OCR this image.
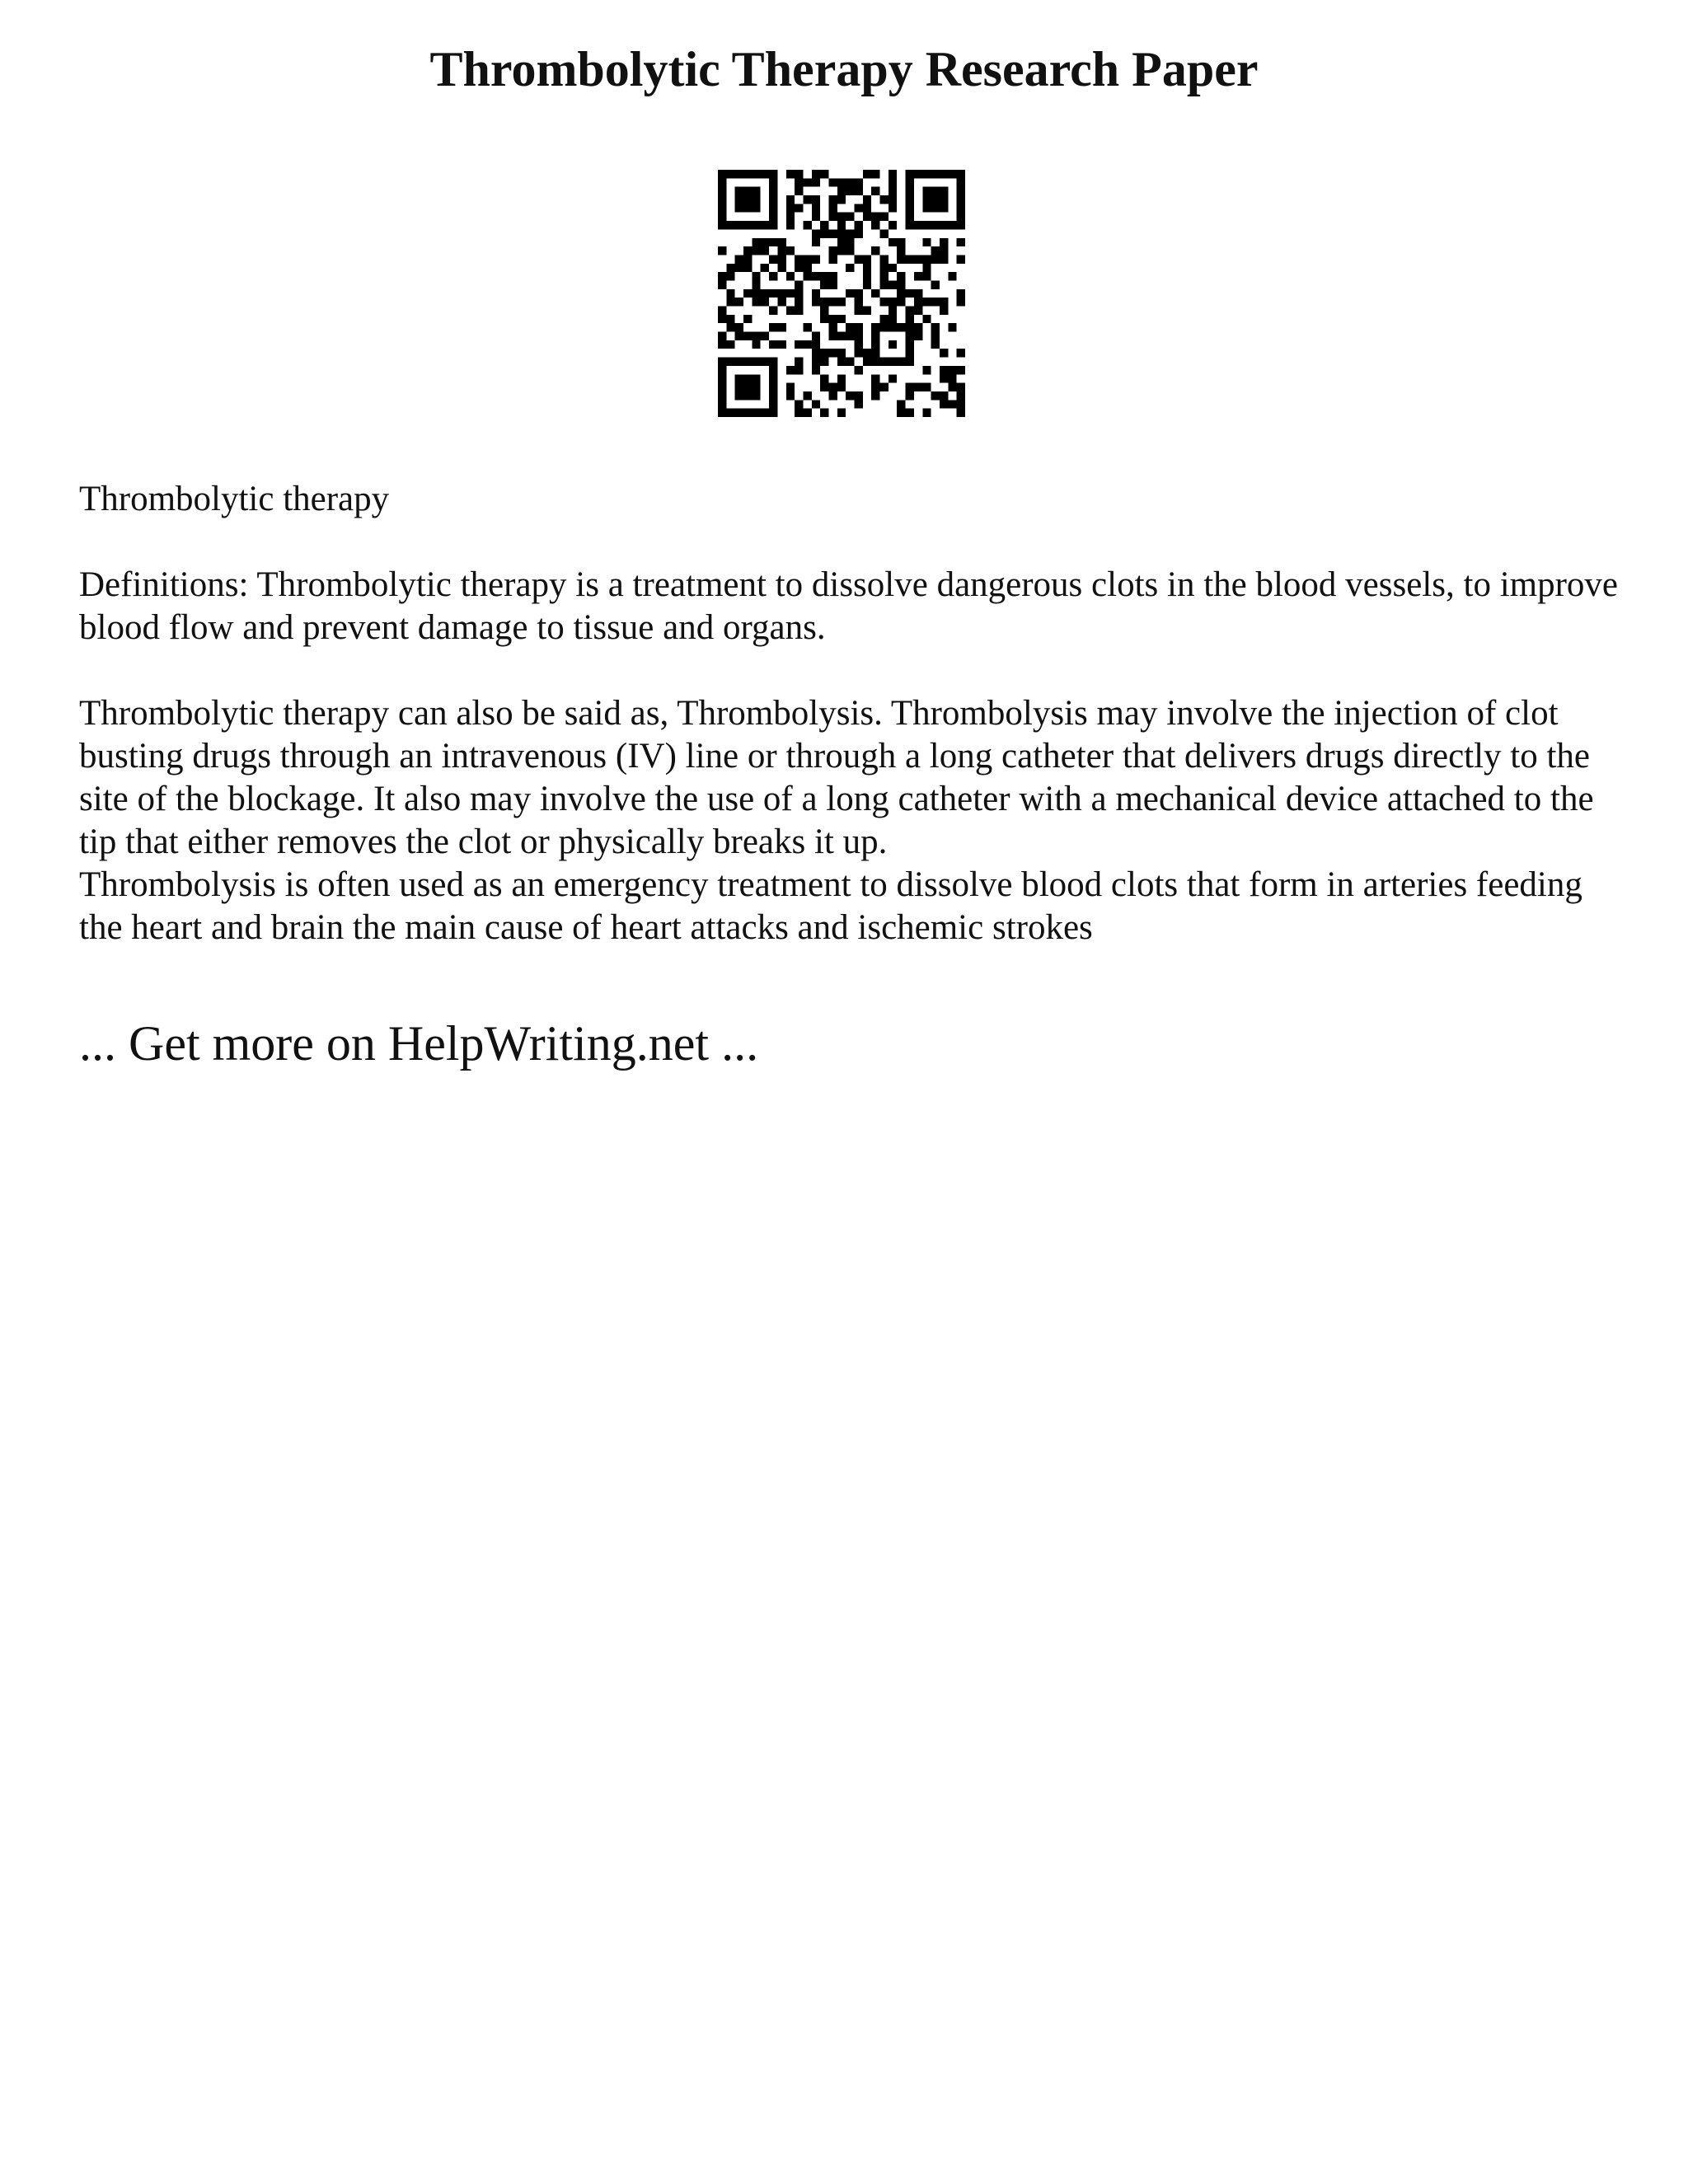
Thrombolytic Therapy Research Paper

Thrombolytic therapy

Definitions: Thrombolytic therapy is a treatment to dissolve dangerous clots in the blood vessels, to improve blood flow and prevent damage to tissue and organs.

Thrombolytic therapy can also be said as, Thrombolysis. Thrombolysis may involve the injection of clot busting drugs through an intravenous (IV) line or through a long catheter that delivers drugs directly to the site of the blockage. It also may involve the use of a long catheter with a mechanical device attached to the tip that either removes the clot or physically breaks it up.

Thrombolysis is often used as an emergency treatment to dissolve blood clots that form in arteries feeding the heart and brain the main cause of heart attacks and ischemic strokes

... Get more on HelpWriting.net ...
